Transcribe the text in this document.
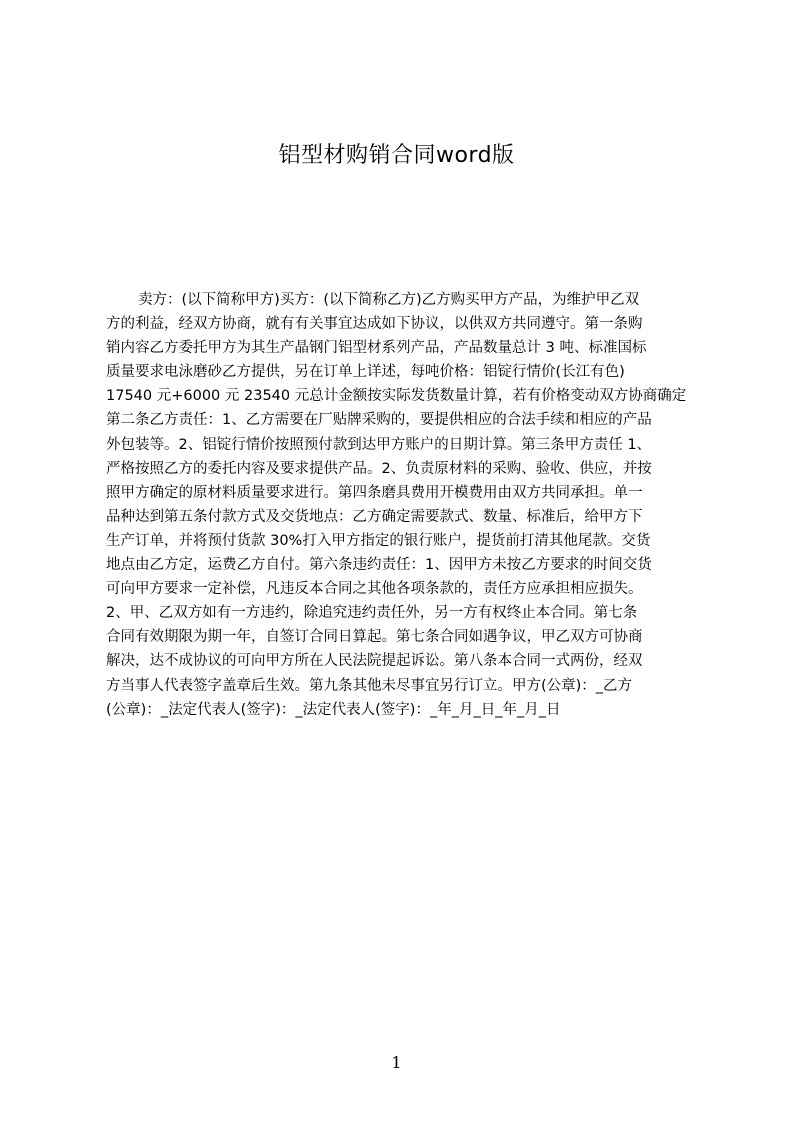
铝型材购销合同word版
卖方：(以下简称甲方)买方：(以下简称乙方)乙方购买甲方产品，为维护甲乙双
方的利益，经双方协商，就有有关事宜达成如下协议，以供双方共同遵守。第一条购
销内容乙方委托甲方为其生产晶钢门铝型材系列产品，产品数量总计 3 吨、标准国标
质量要求电泳磨砂乙方提供，另在订单上详述，每吨价格：铝锭行情价(长江有色)
17540 元+6000 元 23540 元总计金额按实际发货数量计算，若有价格变动双方协商确定
第二条乙方责任：1、乙方需要在厂贴牌采购的，要提供相应的合法手续和相应的产品
外包装等。2、铝锭行情价按照预付款到达甲方账户的日期计算。第三条甲方责任 1、
严格按照乙方的委托内容及要求提供产品。2、负责原材料的采购、验收、供应，并按
照甲方确定的原材料质量要求进行。第四条磨具费用开模费用由双方共同承担。单一
品种达到第五条付款方式及交货地点：乙方确定需要款式、数量、标准后，给甲方下
生产订单，并将预付货款 30%打入甲方指定的银行账户，提货前打清其他尾款。交货
地点由乙方定，运费乙方自付。第六条违约责任：1、因甲方未按乙方要求的时间交货
可向甲方要求一定补偿，凡违反本合同之其他各项条款的，责任方应承担相应损失。
2、甲、乙双方如有一方违约，除追究违约责任外，另一方有权终止本合同。第七条
合同有效期限为期一年，自签订合同日算起。第七条合同如遇争议，甲乙双方可协商
解决，达不成协议的可向甲方所在人民法院提起诉讼。第八条本合同一式两份，经双
方当事人代表签字盖章后生效。第九条其他未尽事宜另行订立。甲方(公章)：_乙方
(公章)：_法定代表人(签字)：_法定代表人(签字)：_年_月_日_年_月_日
1
